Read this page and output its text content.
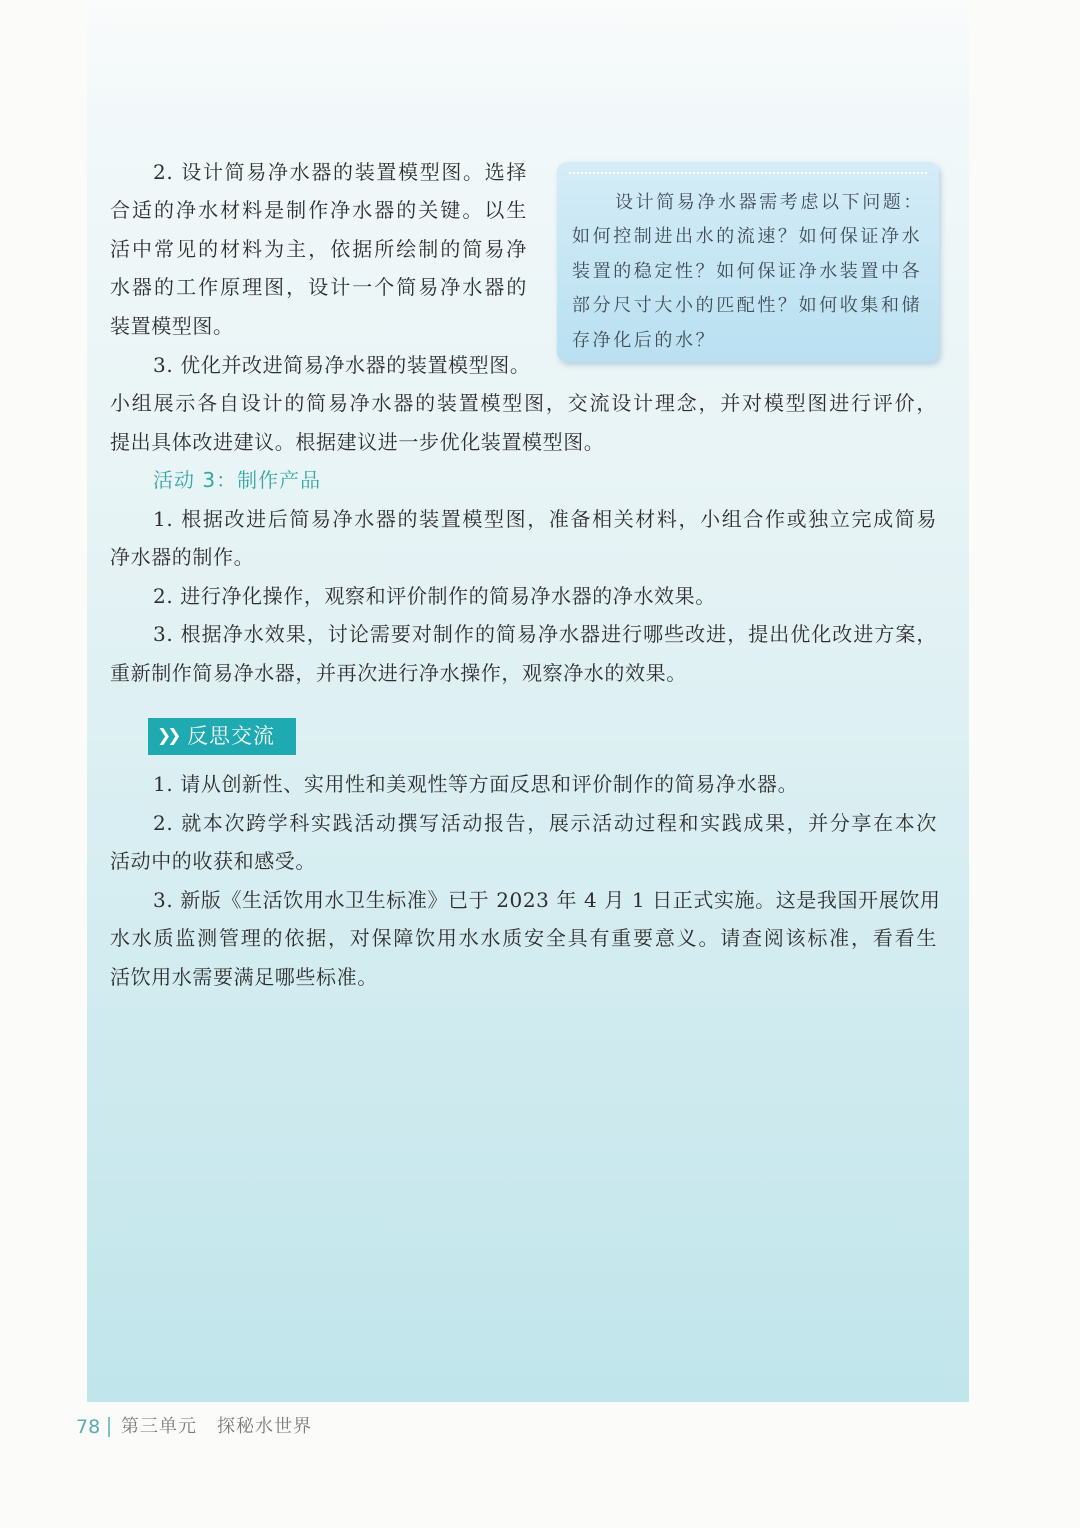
2. 设计简易净水器的装置模型图。选择

合适的净水材料是制作净水器的关键。以生

活中常见的材料为主，依据所绘制的简易净

水器的工作原理图，设计一个简易净水器的

装置模型图。

设计简易净水器需考虑以下问题：

如何控制进出水的流速？如何保证净水

装置的稳定性？如何保证净水装置中各

部分尺寸大小的匹配性？如何收集和储

存净化后的水？

3. 优化并改进简易净水器的装置模型图。

小组展示各自设计的简易净水器的装置模型图，交流设计理念，并对模型图进行评价，

提出具体改进建议。根据建议进一步优化装置模型图。

活动 3：制作产品

1. 根据改进后简易净水器的装置模型图，准备相关材料，小组合作或独立完成简易

净水器的制作。

2. 进行净化操作，观察和评价制作的简易净水器的净水效果。

3. 根据净水效果，讨论需要对制作的简易净水器进行哪些改进，提出优化改进方案，

重新制作简易净水器，并再次进行净水操作，观察净水的效果。

❯❯ 反思交流

1. 请从创新性、实用性和美观性等方面反思和评价制作的简易净水器。

2. 就本次跨学科实践活动撰写活动报告，展示活动过程和实践成果，并分享在本次

活动中的收获和感受。

3. 新版《生活饮用水卫生标准》已于 2023 年 4 月 1 日正式实施。这是我国开展饮用

水水质监测管理的依据，对保障饮用水水质安全具有重要意义。请查阅该标准，看看生

活饮用水需要满足哪些标准。

78 第三单元 探秘水世界
